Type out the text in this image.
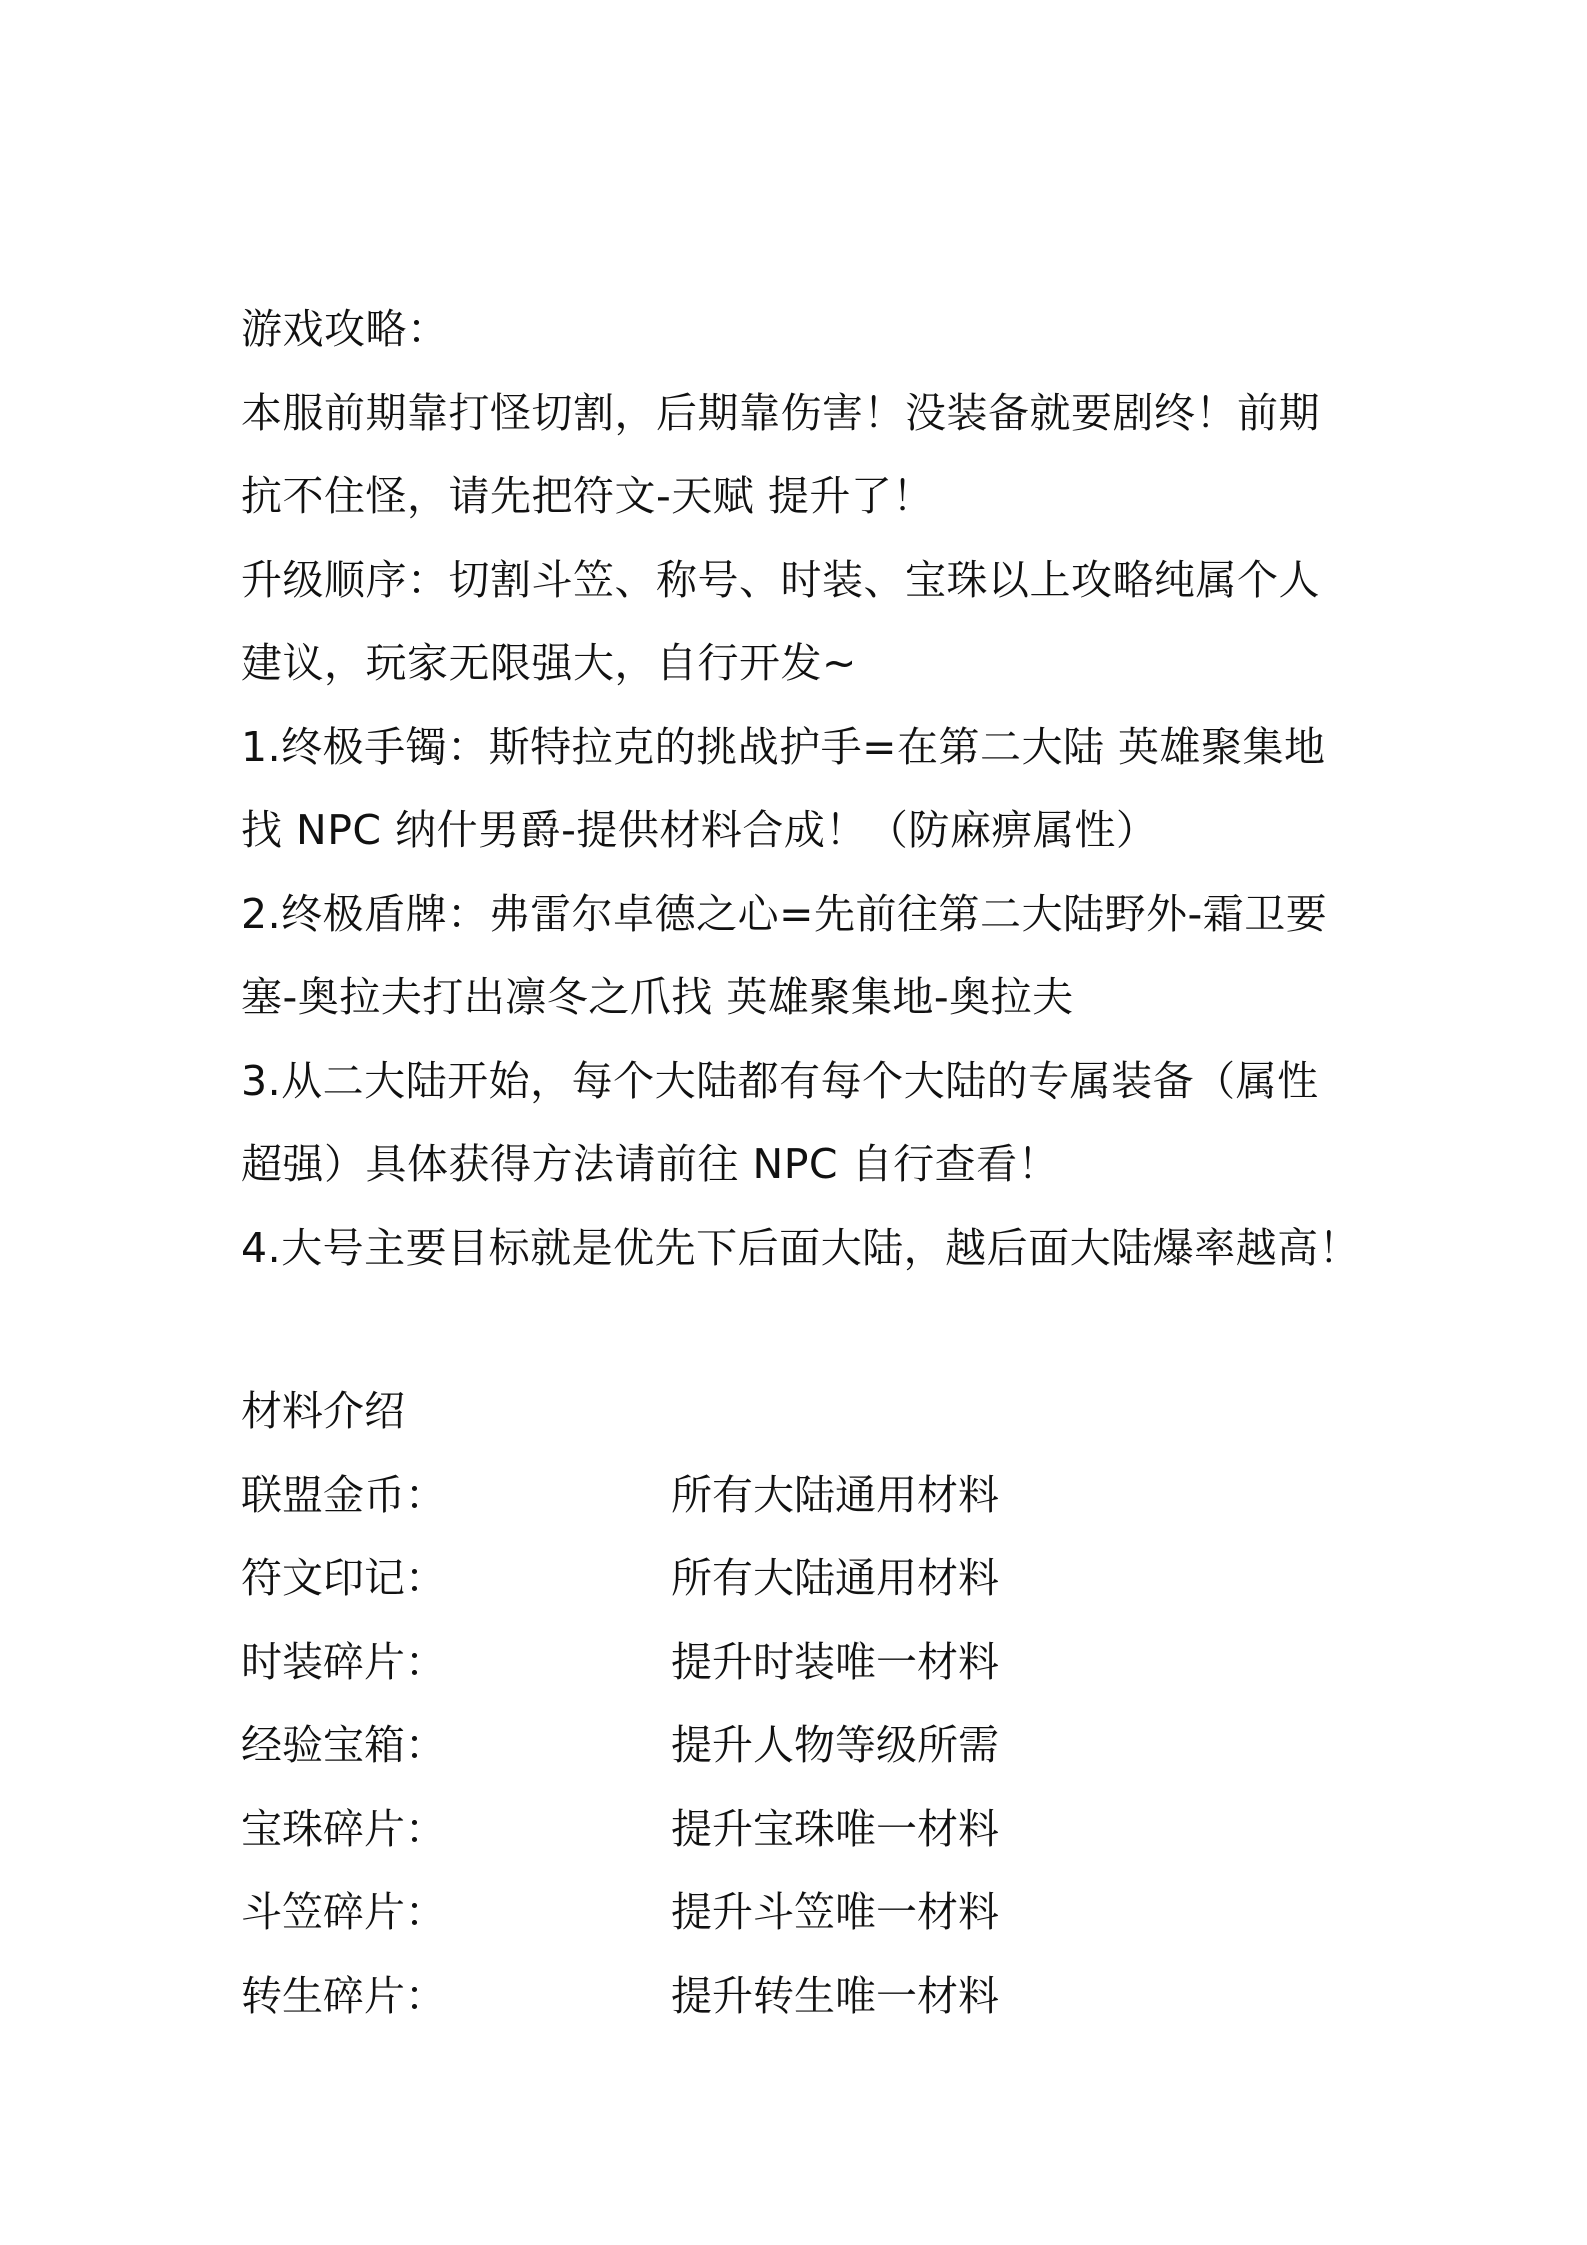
游戏攻略：
本服前期靠打怪切割，后期靠伤害！没装备就要剧终！前期
抗不住怪，请先把符文-天赋 提升了！
升级顺序：切割斗笠、称号、时装、宝珠以上攻略纯属个人
建议，玩家无限强大，自行开发~
1.终极手镯：斯特拉克的挑战护手=在第二大陆 英雄聚集地
找 NPC 纳什男爵-提供材料合成！（防麻痹属性）
2.终极盾牌：弗雷尔卓德之心=先前往第二大陆野外-霜卫要
塞-奥拉夫打出凛冬之爪找 英雄聚集地-奥拉夫
3.从二大陆开始，每个大陆都有每个大陆的专属装备（属性
超强）具体获得方法请前往 NPC 自行查看！
4.大号主要目标就是优先下后面大陆，越后面大陆爆率越高！
材料介绍
联盟金币：	所有大陆通用材料
符文印记：	所有大陆通用材料
时装碎片：	提升时装唯一材料
经验宝箱：	提升人物等级所需
宝珠碎片：	提升宝珠唯一材料
斗笠碎片：	提升斗笠唯一材料
转生碎片：	提升转生唯一材料
